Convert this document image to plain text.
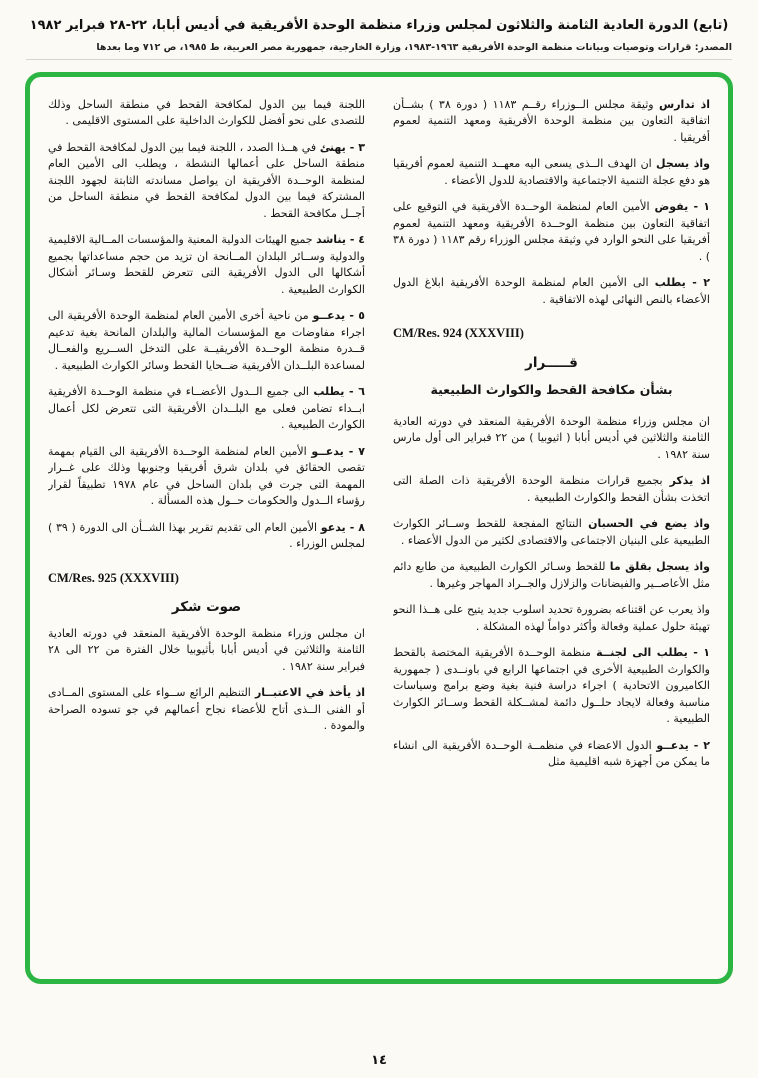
(تابع) الدورة العادية الثامنة والثلاثون لمجلس وزراء منظمة الوحدة الأفريقية في أديس أبابا، ٢٢-٢٨ فبراير ١٩٨٢
المصدر: قرارات وتوصيات وبيانات منظمة الوحدة الأفريقية ١٩٦٣-١٩٨٣، وزارة الخارجية، جمهورية مصر العربية، ط ١٩٨٥، ص ٧١٢ وما بعدها

اذ تدارس وثيقة مجلس الــوزراء رقــم ١١٨٣ ( دورة ٣٨ ) بشــأن اتفاقية التعاون بين منظمة الوحدة الأفريقية ومعهد التنمية لعموم أفريقيا .

واذ يسجل ان الهدف الــذى يسعى اليه معهــد التنمية لعموم أفريقيا هو دفع عجلة التنمية الاجتماعية والاقتصادية للدول الأعضاء .

١ - يفوض الأمين العام لمنظمة الوحــدة الأفريقية في التوقيع على اتفاقية التعاون بين منظمة الوحــدة الأفريقية ومعهد التنمية لعموم أفريقيا على النحو الوارد في وثيقة مجلس الوزراء رقم ١١٨٣ ( دورة ٣٨ ) .

٢ - يطلب الى الأمين العام لمنظمة الوحدة الأفريقية ابلاغ الدول الأعضاء بالنص النهائى لهذه الاتفاقية .

CM/Res. 924 (XXXVIII)

قـــــرار

بشأن مكافحة القحط والكوارث الطبيعية

ان مجلس وزراء منظمة الوحدة الأفريقية المنعقد في دورته العادية الثامنة والثلاثين في أديس أبابا ( اثيوبيا ) من ٢٢ فبراير الى أول مارس سنة ١٩٨٢ .

اذ يذكر بجميع قرارات منظمة الوحدة الأفريقية ذات الصلة التى اتخذت بشأن القحط والكوارث الطبيعية .

واذ يضع في الحسبان النتائج المفجعة للقحط وســائر الكوارث الطبيعية على البنيان الاجتماعى والاقتصادى لكثير من الدول الأعضاء .

واذ يسجل بقلق ما للقحط وسـائر الكوارث الطبيعية من طابع دائم مثل الأعاصــير والفيضانات والزلازل والجــراد المهاجر وغيرها .

واذ يعرب عن اقتناعه بضرورة تحديد اسلوب جديد يتيح على هــذا النحو تهيئة حلول عملية وفعالة وأكثر دواماً لهذه المشكلة .

١ - يطلب الى لجنــة منظمة الوحــدة الأفريقية المختصة بالقحط والكوارث الطبيعية الأخرى في اجتماعها الرابع في باونــدى ( جمهورية الكاميرون الاتحادية ) اجراء دراسة فنية بغية وضع برامج وسياسات مناسبة وفعالة لايجاد حلــول دائمة لمشــكلة القحط وســائر الكوارث الطبيعية .

٢ - يدعــو الدول الاعضاء في منظمــة الوحــدة الأفريقية الى انشاء ما يمكن من أجهزة شبه اقليمية مثل

اللجنة فيما بين الدول لمكافحة القحط في منطقة الساحل وذلك للتصدى على نحو أفضل للكوارث الداخلية على المستوى الاقليمى .

٣ - يهنئ في هــذا الصدد ، اللجنة فيما بين الدول لمكافحة القحط في منطقة الساحل على أعمالها النشطة ، ويطلب الى الأمين العام لمنظمة الوحــدة الأفريقية ان يواصل مساندته الثابتة لجهود اللجنة المشتركة فيما بين الدول لمكافحة القحط في منطقة الساحل من أجــل مكافحة القحط .

٤ - يناشد جميع الهيئات الدولية المعنية والمؤسسات المــالية الاقليمية والدولية وســائر البلدان المــانحة ان تزيد من حجم مساعداتها بجميع أشكالها الى الدول الأفريقية التى تتعرض للقحط وسـائر أشكال الكوارث الطبيعية .

٥ - يدعــو من ناحية أخرى الأمين العام لمنظمة الوحدة الأفريقية الى اجراء مفاوضات مع المؤسسات المالية والبلدان المانحة بغية تدعيم قــدرة منظمة الوحــدة الأفريقيــة على التدخل الســريع والفعــال لمساعدة البلــدان الأفريقية ضــحايا القحط وسائر الكوارث الطبيعية .

٦ - يطلب الى جميع الــدول الأعضــاء في منظمة الوحــدة الأفريقية ابــداء تضامن فعلى مع البلــدان الأفريقية التى تتعرض لكل أعمال الكوارث الطبيعية .

٧ - يدعــو الأمين العام لمنظمة الوحــدة الأفريقية الى القيام بمهمة تقصى الحقائق في بلدان شرق أفريقيا وجنوبها وذلك على غــرار المهمة التى جرت في بلدان الساحل في عام ١٩٧٨ تطبيقاً لقرار رؤساء الــدول والحكومات حــول هذه المسألة .

٨ - يدعو الأمين العام الى تقديم تقرير بهذا الشــأن الى الدورة ( ٣٩ ) لمجلس الوزراء .

CM/Res. 925 (XXXVIII)

صوت شكر

ان مجلس وزراء منظمة الوحدة الأفريقية المنعقد في دورته العادية الثامنة والثلاثين في أديس أبابا بأثيوبيا خلال الفترة من ٢٢ الى ٢٨ فبراير سنة ١٩٨٢ .

اذ يأخذ في الاعتبــار التنظيم الرائع ســواء على المستوى المــادى أو الفنى الــذى أتاح للأعضاء نجاح أعمالهم في جو تسوده الصراحة والمودة .

١٤
